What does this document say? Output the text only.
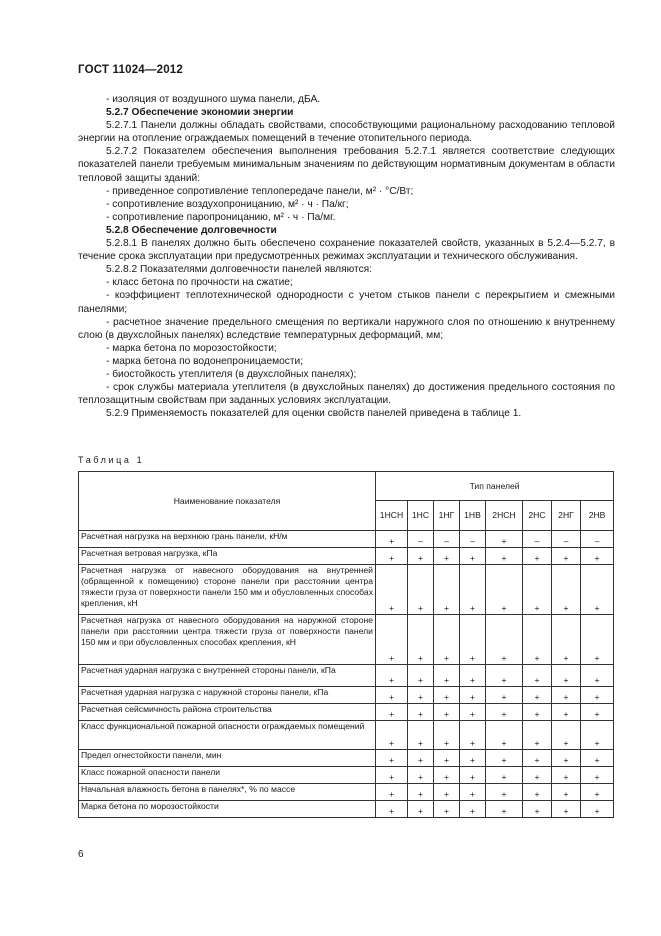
ГОСТ 11024—2012

- изоляция от воздушного шума панели, дБА.

5.2.7 Обеспечение экономии энергии

5.2.7.1 Панели должны обладать свойствами, способствующими рациональному расходованию тепловой энергии на отопление ограждаемых помещений в течение отопительного периода.

5.2.7.2 Показателем обеспечения выполнения требования 5.2.7.1 является соответствие следующих показателей панели требуемым минимальным значениям по действующим нормативным документам в области тепловой защиты зданий:

- приведенное сопротивление теплопередаче панели, м² · °С/Вт;

- сопротивление воздухопроницанию, м² · ч · Па/кг;

- сопротивление паропроницанию, м² · ч · Па/мг.

5.2.8 Обеспечение долговечности

5.2.8.1 В панелях должно быть обеспечено сохранение показателей свойств, указанных в 5.2.4—5.2.7, в течение срока эксплуатации при предусмотренных режимах эксплуатации и технического обслуживания.

5.2.8.2 Показателями долговечности панелей являются:

- класс бетона по прочности на сжатие;

- коэффициент теплотехнической однородности с учетом стыков панели с перекрытием и смежными панелями;

- расчетное значение предельного смещения по вертикали наружного слоя по отношению к внутреннему слою (в двухслойных панелях) вследствие температурных деформаций, мм;

- марка бетона по морозостойкости;

- марка бетона по водонепроницаемости;

- биостойкость утеплителя (в двухслойных панелях);

- срок службы материала утеплителя (в двухслойных панелях) до достижения предельного состояния по теплозащитным свойствам при заданных условиях эксплуатации.

5.2.9 Применяемость показателей для оценки свойств панелей приведена в таблице 1.

Таблица 1
Наименование показателя	Тип панелей							
	1НСН	1НС	1НГ	1НВ	2НСН	2НС	2НГ	2НВ
Расчетная нагрузка на верхнюю грань панели, кН/м	+	–	–	–	+	–	–	–
Расчетная ветровая нагрузка, кПа	+	+	+	+	+	+	+	+
Расчетная нагрузка от навесного оборудования на внутренней (обращенной к помещению) стороне панели при расстоянии центра тяжести груза от поверхности панели 150 мм и обусловленных способах крепления, кН	+	+	+	+	+	+	+	+
Расчетная нагрузка от навесного оборудования на наружной стороне панели при расстоянии центра тяжести груза от поверхности панели 150 мм и при обусловленных способах крепления, кН	+	+	+	+	+	+	+	+
Расчетная ударная нагрузка с внутренней стороны панели, кПа	+	+	+	+	+	+	+	+
Расчетная ударная нагрузка с наружной стороны панели, кПа	+	+	+	+	+	+	+	+
Расчетная сейсмичность района строительства	+	+	+	+	+	+	+	+
Класс функциональной пожарной опасности ограждаемых помещений	+	+	+	+	+	+	+	+
Предел огнестойкости панели, мин	+	+	+	+	+	+	+	+
Класс пожарной опасности панели	+	+	+	+	+	+	+	+
Начальная влажность бетона в панелях*, % по массе	+	+	+	+	+	+	+	+
Марка бетона по морозостойкости	+	+	+	+	+	+	+	+
6
